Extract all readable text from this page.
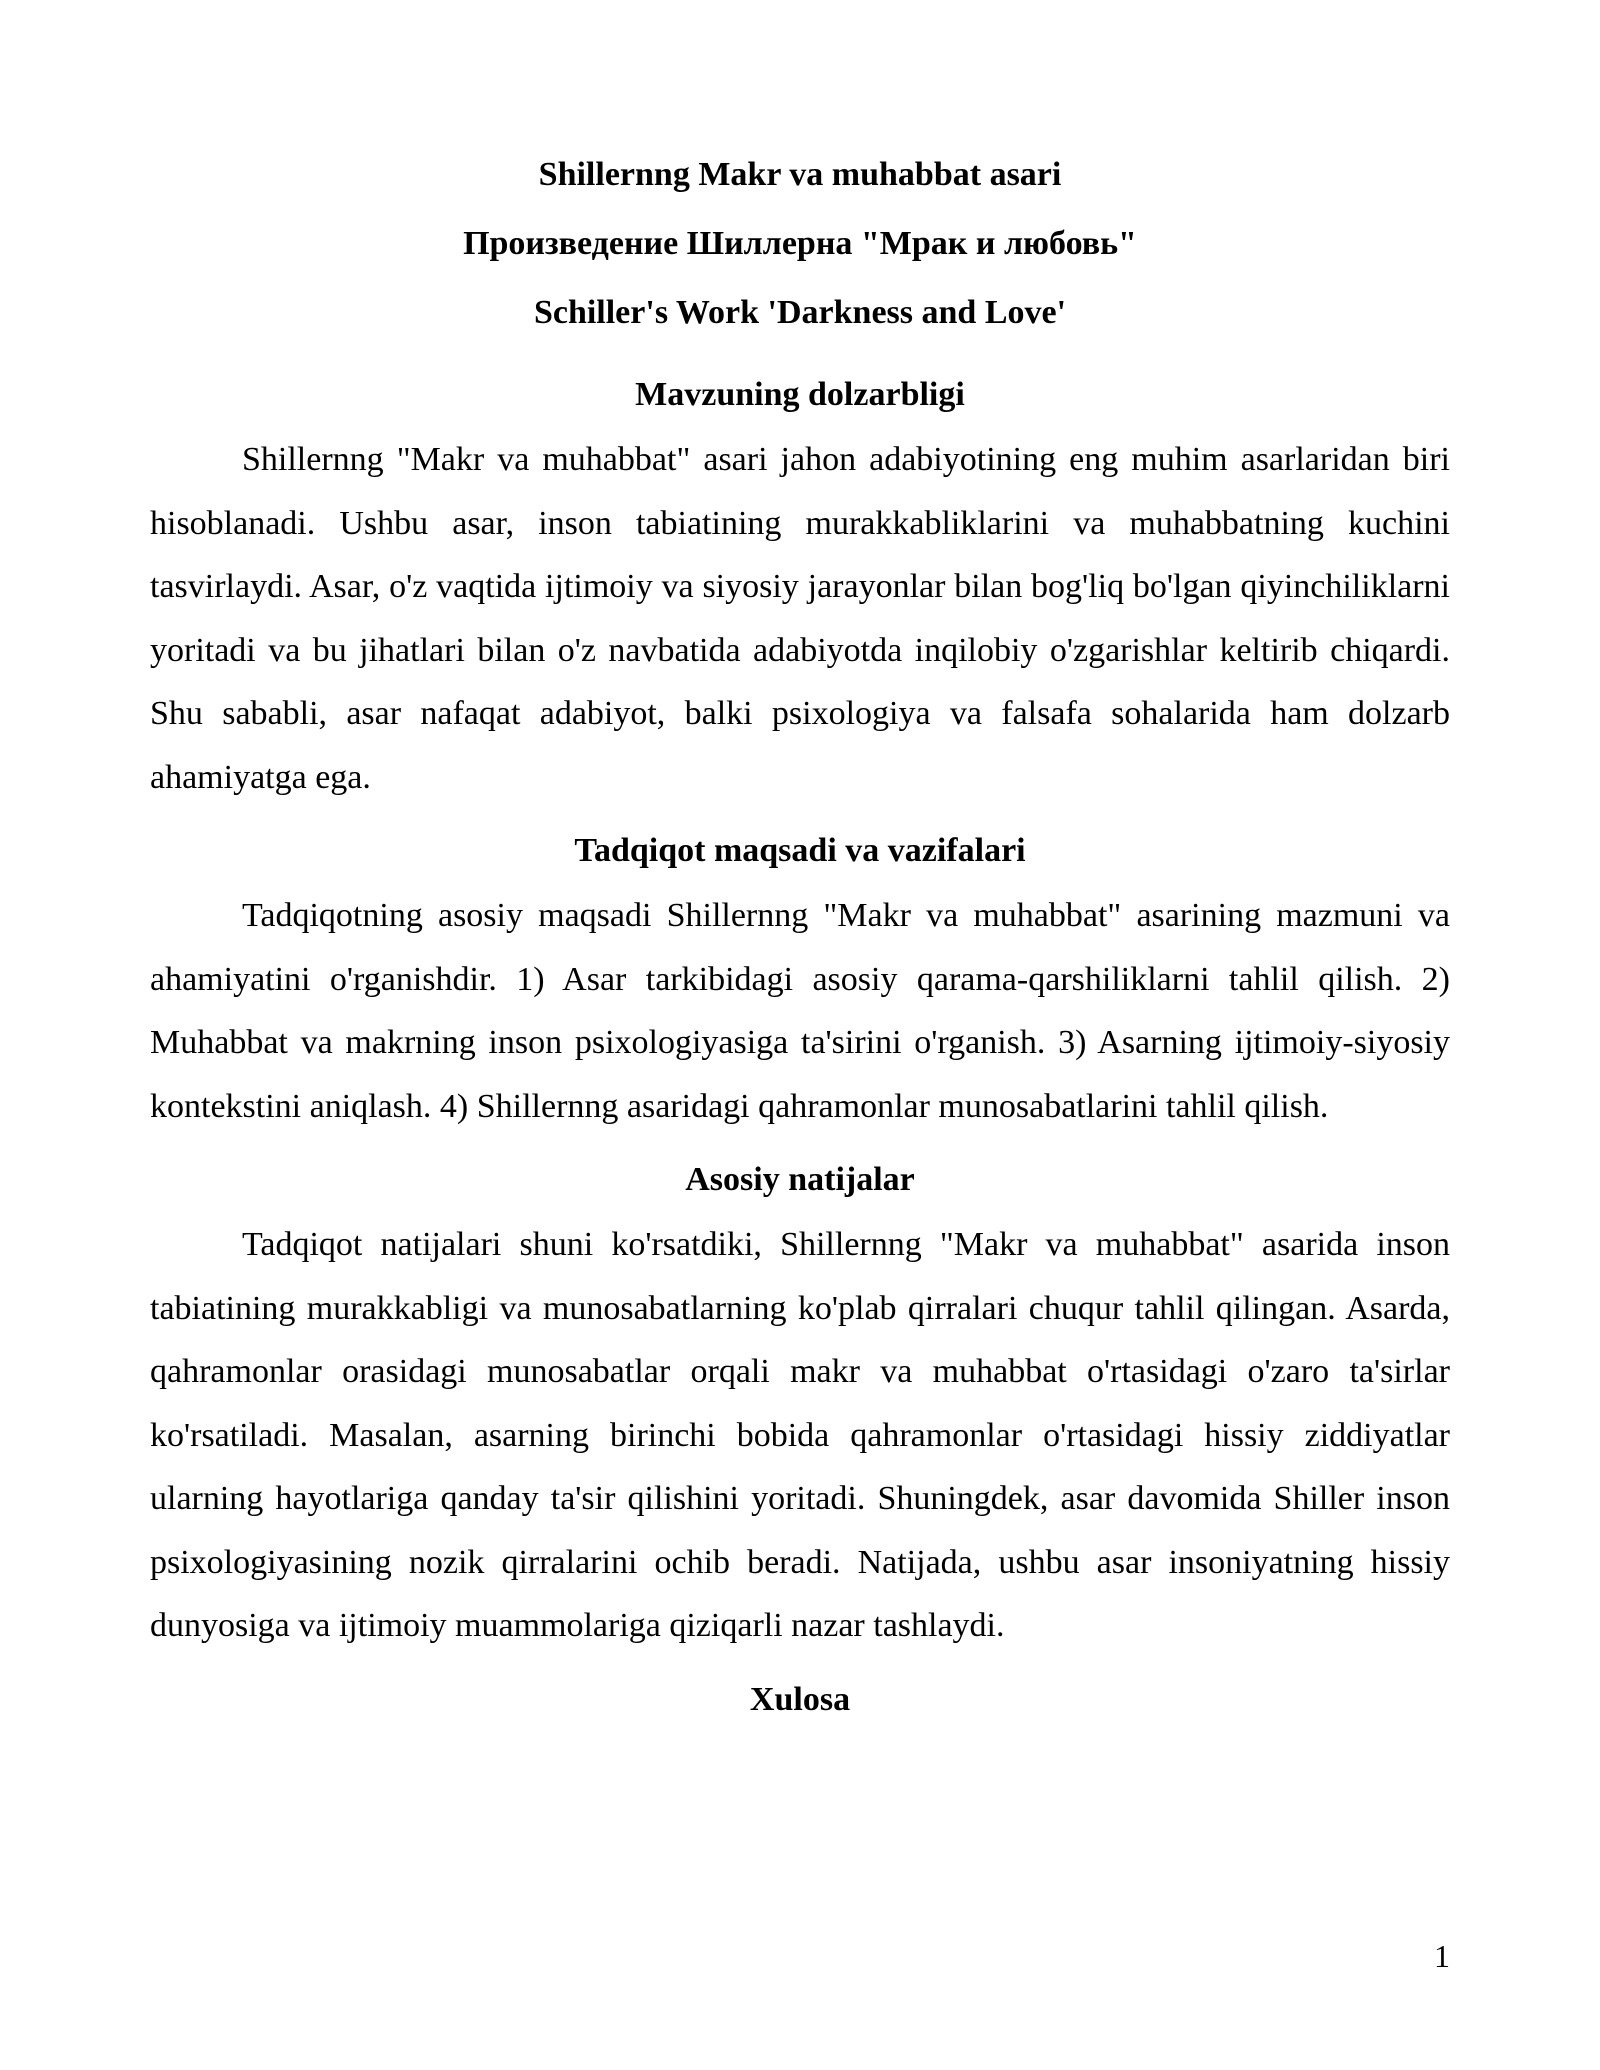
Shillernng Makr va muhabbat asari
Произведение Шиллерна "Мрак и любовь"
Schiller's Work 'Darkness and Love'
Mavzuning dolzarbligi

Shillernng "Makr va muhabbat" asari jahon adabiyotining eng muhim asarlaridan biri hisoblanadi. Ushbu asar, inson tabiatining murakkabliklarini va muhabbatning kuchini tasvirlaydi. Asar, o'z vaqtida ijtimoiy va siyosiy jarayonlar bilan bog'liq bo'lgan qiyinchiliklarni yoritadi va bu jihatlari bilan o'z navbatida adabiyotda inqilobiy o'zgarishlar keltirib chiqardi. Shu sababli, asar nafaqat adabiyot, balki psixologiya va falsafa sohalarida ham dolzarb ahamiyatga ega.

Tadqiqot maqsadi va vazifalari

Tadqiqotning asosiy maqsadi Shillernng "Makr va muhabbat" asarining mazmuni va ahamiyatini o'rganishdir. 1) Asar tarkibidagi asosiy qarama-qarshiliklarni tahlil qilish. 2) Muhabbat va makrning inson psixologiyasiga ta'sirini o'rganish. 3) Asarning ijtimoiy-siyosiy kontekstini aniqlash. 4) Shillernng asaridagi qahramonlar munosabatlarini tahlil qilish.

Asosiy natijalar

Tadqiqot natijalari shuni ko'rsatdiki, Shillernng "Makr va muhabbat" asarida inson tabiatining murakkabligi va munosabatlarning ko'plab qirralari chuqur tahlil qilingan. Asarda, qahramonlar orasidagi munosabatlar orqali makr va muhabbat o'rtasidagi o'zaro ta'sirlar ko'rsatiladi. Masalan, asarning birinchi bobida qahramonlar o'rtasidagi hissiy ziddiyatlar ularning hayotlariga qanday ta'sir qilishini yoritadi. Shuningdek, asar davomida Shiller inson psixologiyasining nozik qirralarini ochib beradi. Natijada, ushbu asar insoniyatning hissiy dunyosiga va ijtimoiy muammolariga qiziqarli nazar tashlaydi.

Xulosa
1
